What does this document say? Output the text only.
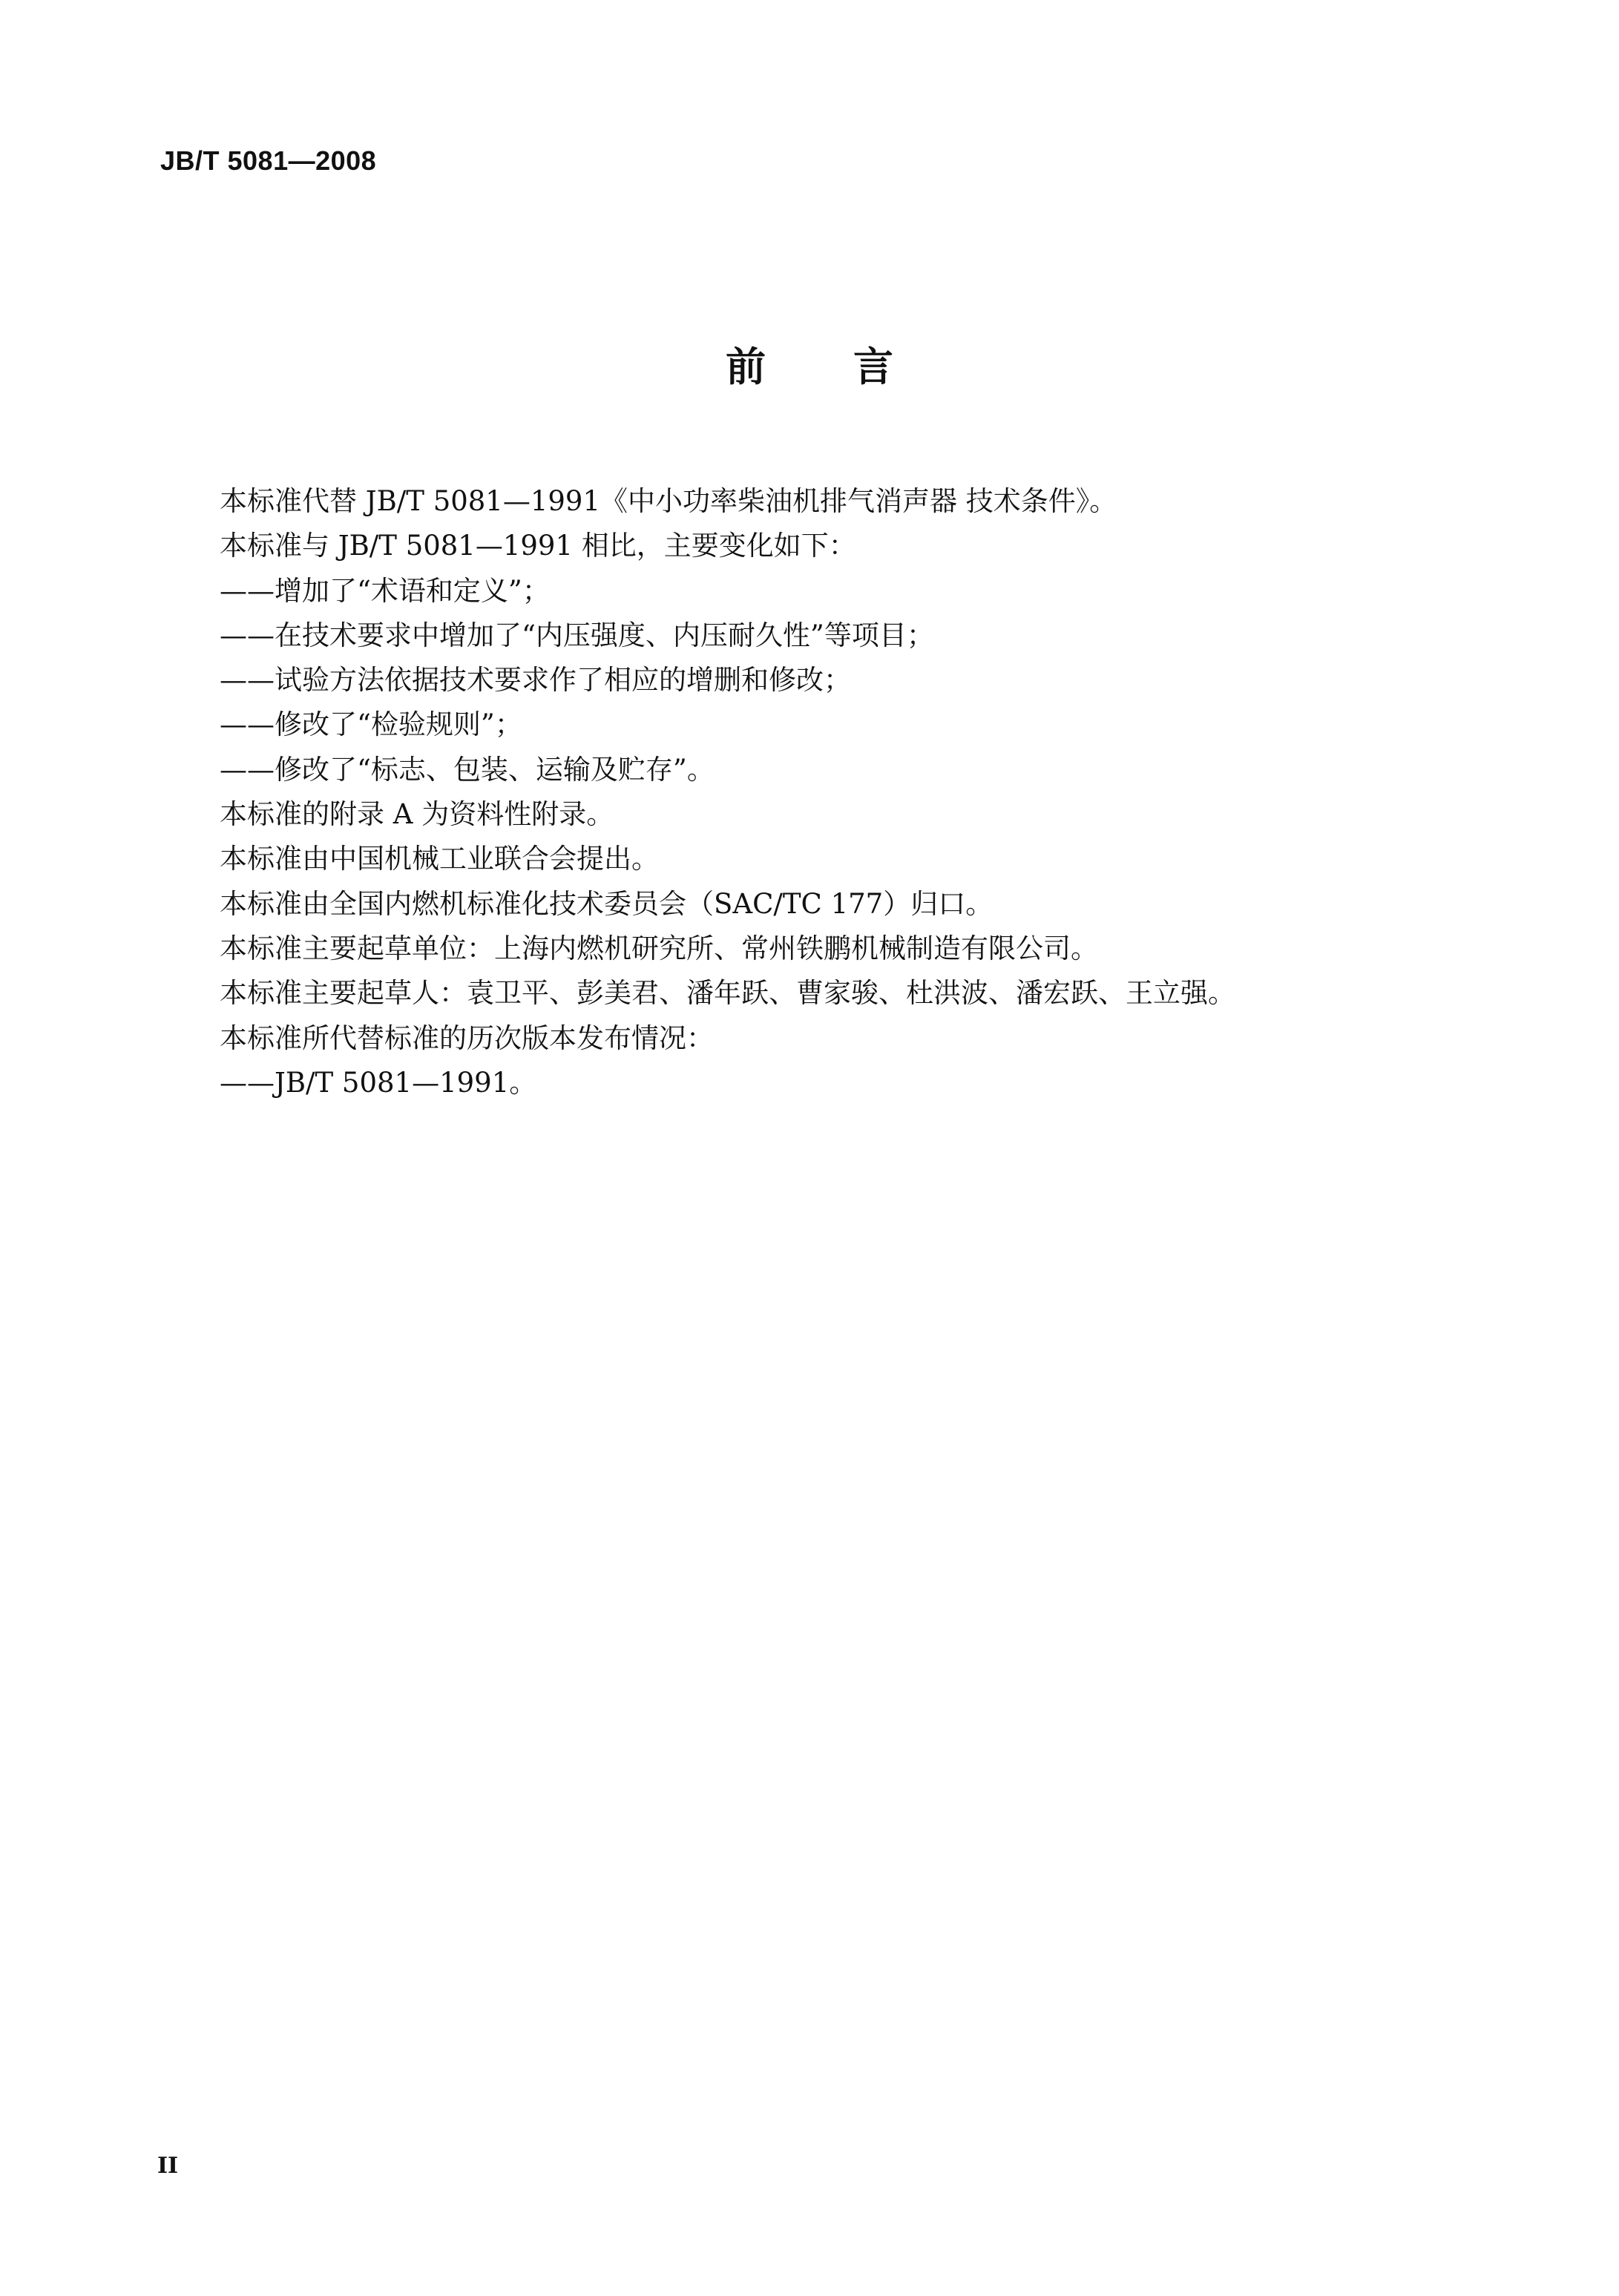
JB/T 5081—2008
前言
本标准代替 JB/T 5081—1991《中小功率柴油机排气消声器 技术条件》。
本标准与 JB/T 5081—1991 相比，主要变化如下：
——增加了“术语和定义”；
——在技术要求中增加了“内压强度、内压耐久性”等项目；
——试验方法依据技术要求作了相应的增删和修改；
——修改了“检验规则”；
——修改了“标志、包装、运输及贮存”。
本标准的附录 A 为资料性附录。
本标准由中国机械工业联合会提出。
本标准由全国内燃机标准化技术委员会（SAC/TC 177）归口。
本标准主要起草单位：上海内燃机研究所、常州铁鹏机械制造有限公司。
本标准主要起草人：袁卫平、彭美君、潘年跃、曹家骏、杜洪波、潘宏跃、王立强。
本标准所代替标准的历次版本发布情况：
——JB/T 5081—1991。
II
